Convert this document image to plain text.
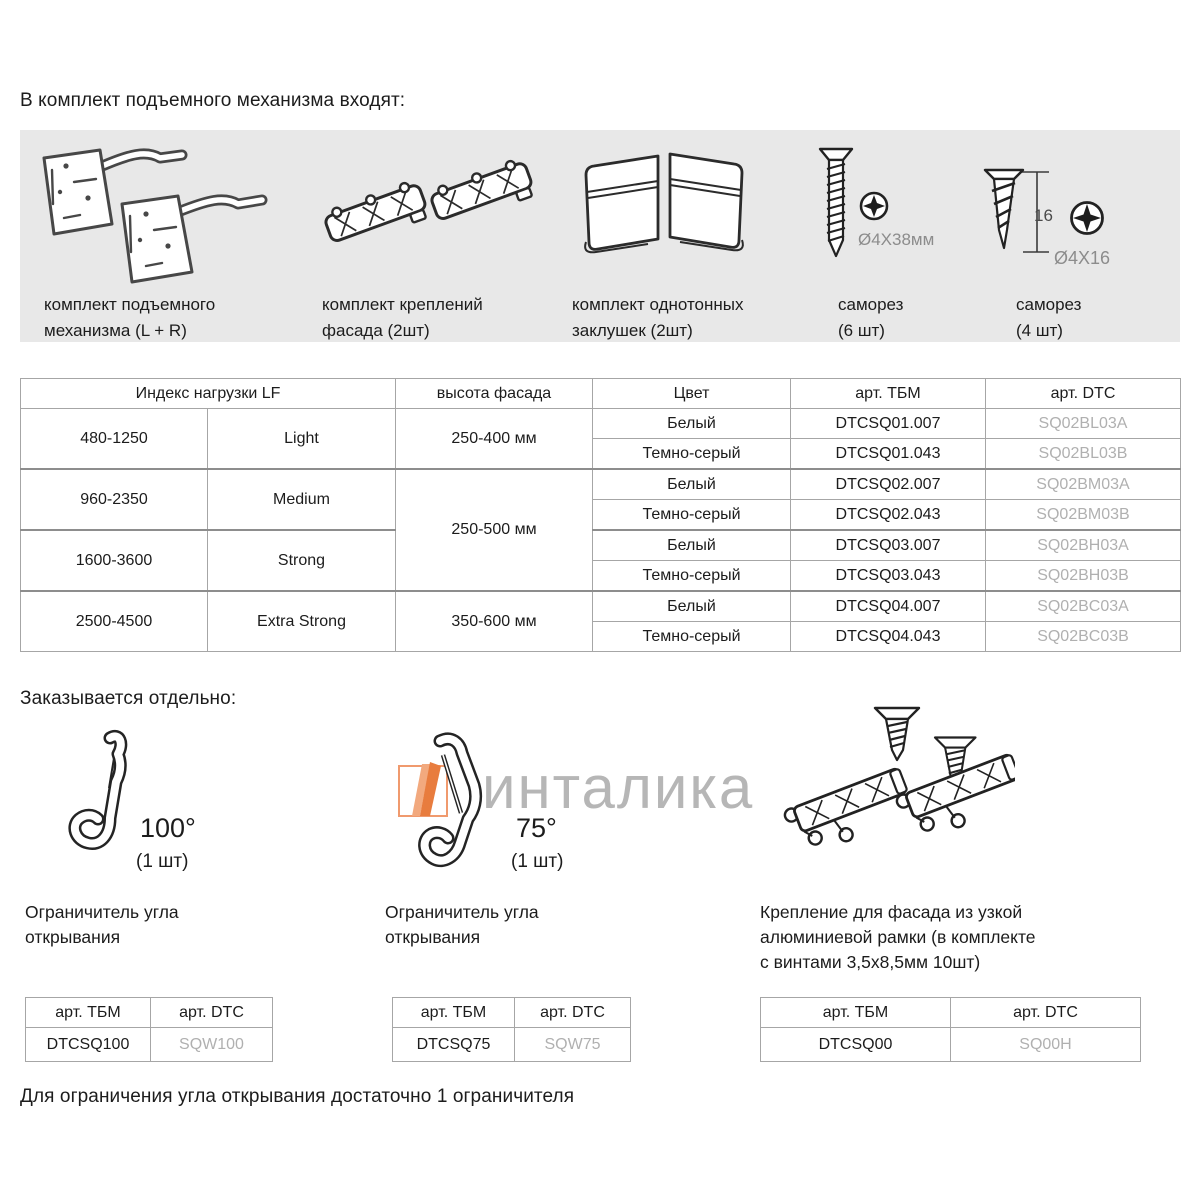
В комплект подъемного механизма входят:
комплект подъемного
механизма (L + R)
комплект креплений
фасада (2шт)
комплект однотонных
заклушек (2шт)
Ø4X38мм
саморез
(6 шт)
16
Ø4X16
саморез
(4 шт)
Индекс нагрузки LF		высота фасада	Цвет	арт. ТБМ	арт. DTC
480-1250	Light	250-400 мм	Белый	DTCSQ01.007	SQ02BL03A
			Темно-серый	DTCSQ01.043	SQ02BL03B
960-2350	Medium	250-500 мм	Белый	DTCSQ02.007	SQ02BM03A
			Темно-серый	DTCSQ02.043	SQ02BM03B
1600-3600	Strong		Белый	DTCSQ03.007	SQ02BH03A
			Темно-серый	DTCSQ03.043	SQ02BH03B
2500-4500	Extra Strong	350-600 мм	Белый	DTCSQ04.007	SQ02BC03A
			Темно-серый	DTCSQ04.043	SQ02BC03B
Заказывается отдельно:
инталика
100°
(1 шт)
Ограничитель угла
открывания
75°
(1 шт)
Ограничитель угла
открывания
Крепление для фасада из узкой
алюминиевой рамки (в комплекте
с винтами 3,5х8,5мм 10шт)
арт. ТБМ	арт. DTC
DTCSQ100	SQW100
арт. ТБМ	арт. DTC
DTCSQ75	SQW75
арт. ТБМ	арт. DTC
DTCSQ00	SQ00H
Для ограничения угла открывания достаточно 1 ограничителя
